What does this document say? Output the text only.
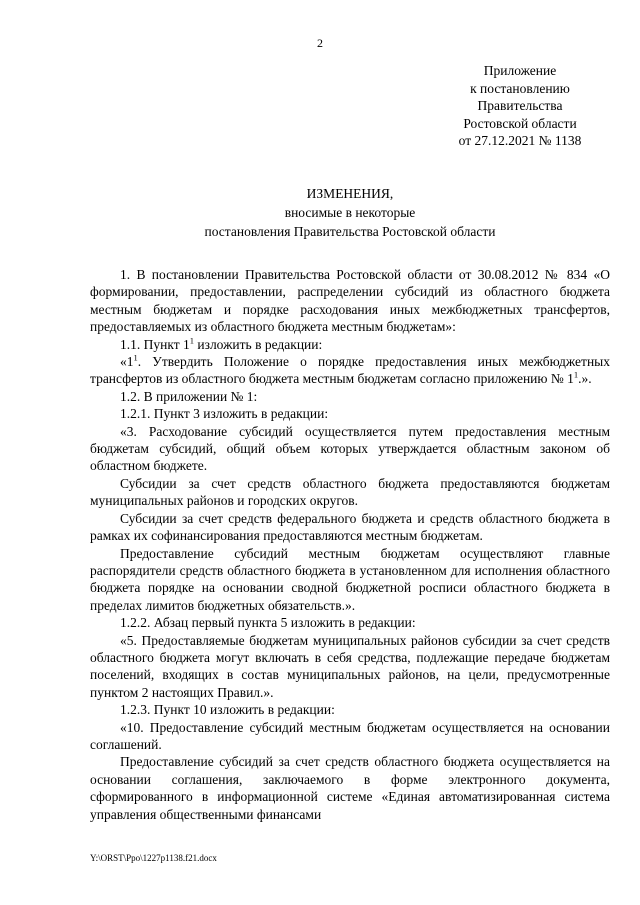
2
Приложение
к постановлению
Правительства
Ростовской области
от 27.12.2021 № 1138
ИЗМЕНЕНИЯ,
вносимые в некоторые
постановления Правительства Ростовской области

1. В постановлении Правительства Ростовской области от 30.08.2012 № 834 «О формировании, предоставлении, распределении субсидий из областного бюджета местным бюджетам и порядке расходования иных межбюджетных трансфертов, предоставляемых из областного бюджета местным бюджетам»:

1.1. Пункт $1^1$ изложить в редакции:

«$1^1$. Утвердить Положение о порядке предоставления иных межбюджетных трансфертов из областного бюджета местным бюджетам согласно приложению № $1^1$.».

1.2. В приложении № 1:

1.2.1. Пункт 3 изложить в редакции:

«3. Расходование субсидий осуществляется путем предоставления местным бюджетам субсидий, общий объем которых утверждается областным законом об областном бюджете.

Субсидии за счет средств областного бюджета предоставляются бюджетам муниципальных районов и городских округов.

Субсидии за счет средств федерального бюджета и средств областного бюджета в рамках их софинансирования предоставляются местным бюджетам.

Предоставление субсидий местным бюджетам осуществляют главные распорядители средств областного бюджета в установленном для исполнения областного бюджета порядке на основании сводной бюджетной росписи областного бюджета в пределах лимитов бюджетных обязательств.».

1.2.2. Абзац первый пункта 5 изложить в редакции:

«5. Предоставляемые бюджетам муниципальных районов субсидии за счет средств областного бюджета могут включать в себя средства, подлежащие передаче бюджетам поселений, входящих в состав муниципальных районов, на цели, предусмотренные пунктом 2 настоящих Правил.».

1.2.3. Пункт 10 изложить в редакции:

«10. Предоставление субсидий местным бюджетам осуществляется на основании соглашений.

Предоставление субсидий за счет средств областного бюджета осуществляется на основании соглашения, заключаемого в форме электронного документа, сформированного в информационной системе «Единая автоматизированная система управления общественными финансами

Y:\ORST\Ppo\1227p1138.f21.docx
